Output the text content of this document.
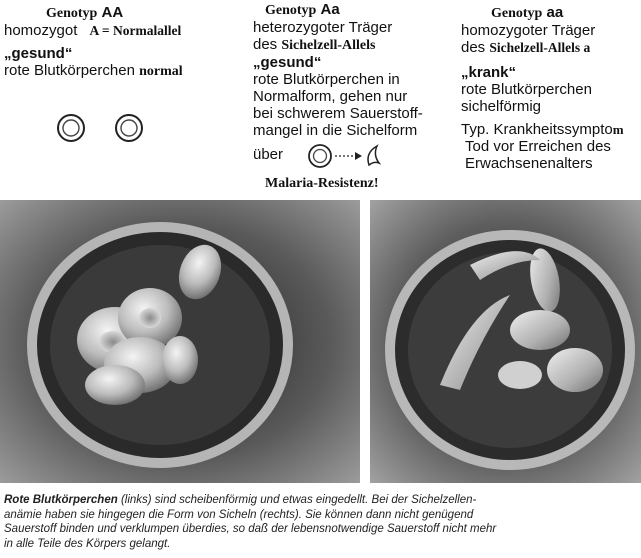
Genotyp AA
homozygot A = Normalallel
„gesund“
rote Blutkörperchen normal
Genotyp Aa
heterozygoter Träger
des Sichelzell-Allels
„gesund“
rote Blutkörperchen in
Normalform, gehen nur
bei schwerem Sauerstoff-
mangel in die Sichelform
über
Malaria-Resistenz!
Genotyp aa
homozygoter Träger
des Sichelzell-Allels a
„krank“
rote Blutkörperchen
sichelförmig
Typ. Krankheitssymptom
Tod vor Erreichen des
Erwachsenenalters
Rote Blutkörperchen (links) sind scheibenförmig und etwas eingedellt. Bei der Sichelzellen-
anämie haben sie hingegen die Form von Sicheln (rechts). Sie können dann nicht genügend
Sauerstoff binden und verklumpen überdies, so daß der lebensnotwendige Sauerstoff nicht mehr
in alle Teile des Körpers gelangt.
